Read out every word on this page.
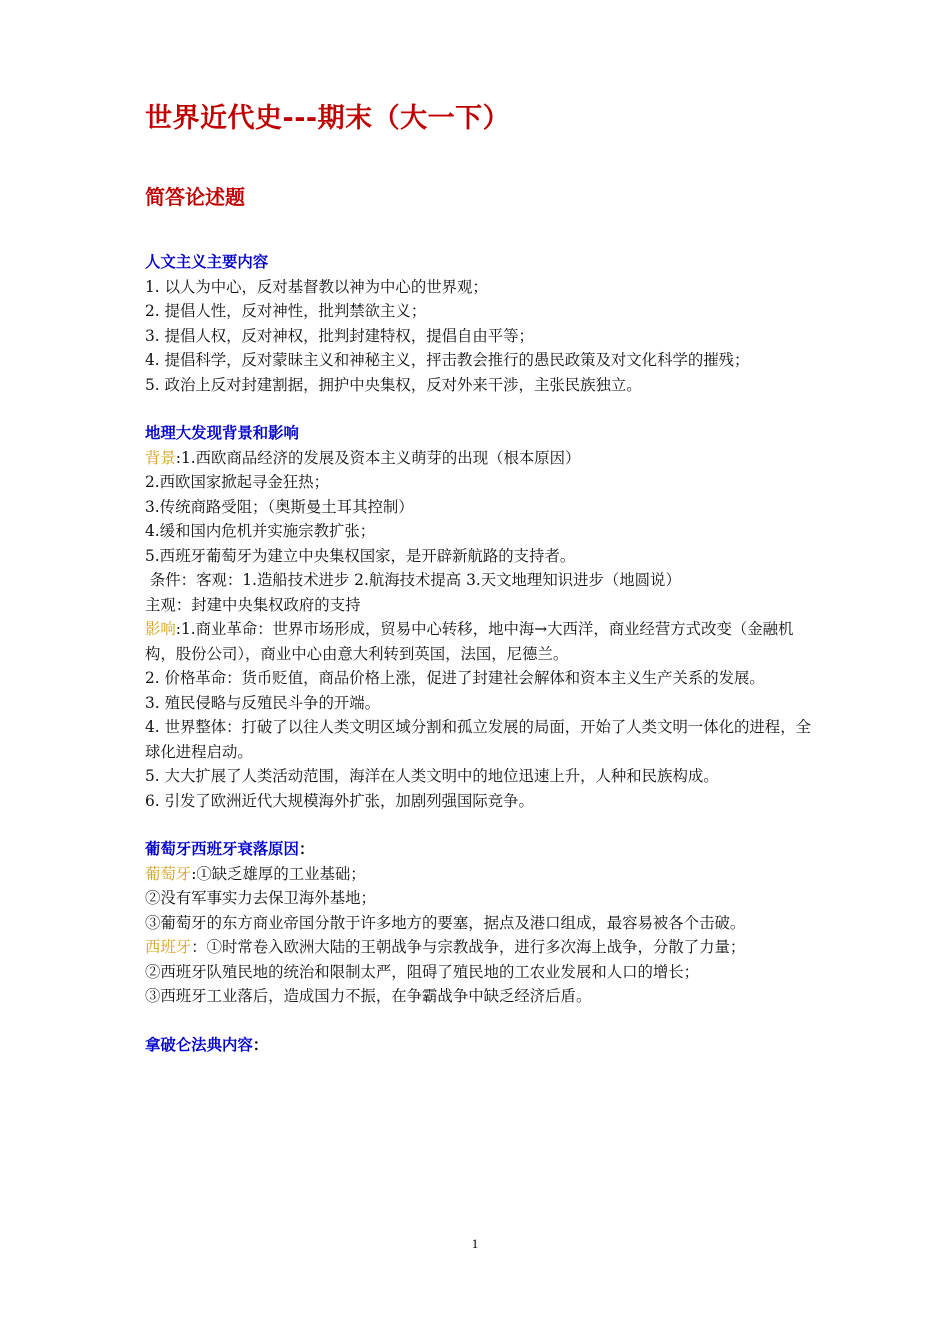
世界近代史---期末（大一下）
简答论述题

人文主义主要内容

1. 以人为中心，反对基督教以神为中心的世界观；

2. 提倡人性，反对神性，批判禁欲主义；

3. 提倡人权，反对神权，批判封建特权，提倡自由平等；

4. 提倡科学，反对蒙昧主义和神秘主义，抨击教会推行的愚民政策及对文化科学的摧残；

5. 政治上反对封建割据，拥护中央集权，反对外来干涉，主张民族独立。

地理大发现背景和影响

背景:1.西欧商品经济的发展及资本主义萌芽的出现（根本原因）

2.西欧国家掀起寻金狂热；

3.传统商路受阻；（奥斯曼土耳其控制）

4.缓和国内危机并实施宗教扩张；

5.西班牙葡萄牙为建立中央集权国家，是开辟新航路的支持者。

条件：客观：1.造船技术进步 2.航海技术提高 3.天文地理知识进步（地圆说）

主观：封建中央集权政府的支持

影响:1.商业革命：世界市场形成，贸易中心转移，地中海→大西洋，商业经营方式改变（金融机构，股份公司），商业中心由意大利转到英国，法国，尼德兰。

2. 价格革命：货币贬值，商品价格上涨，促进了封建社会解体和资本主义生产关系的发展。

3. 殖民侵略与反殖民斗争的开端。

4. 世界整体：打破了以往人类文明区域分割和孤立发展的局面，开始了人类文明一体化的进程，全球化进程启动。

5. 大大扩展了人类活动范围，海洋在人类文明中的地位迅速上升，人种和民族构成。

6. 引发了欧洲近代大规模海外扩张，加剧列强国际竞争。

葡萄牙西班牙衰落原因：

葡萄牙:①缺乏雄厚的工业基础；

②没有军事实力去保卫海外基地；

③葡萄牙的东方商业帝国分散于许多地方的要塞，据点及港口组成，最容易被各个击破。

西班牙：①时常卷入欧洲大陆的王朝战争与宗教战争，进行多次海上战争，分散了力量；

②西班牙队殖民地的统治和限制太严，阻碍了殖民地的工农业发展和人口的增长；

③西班牙工业落后，造成国力不振，在争霸战争中缺乏经济后盾。

拿破仑法典内容：

1
